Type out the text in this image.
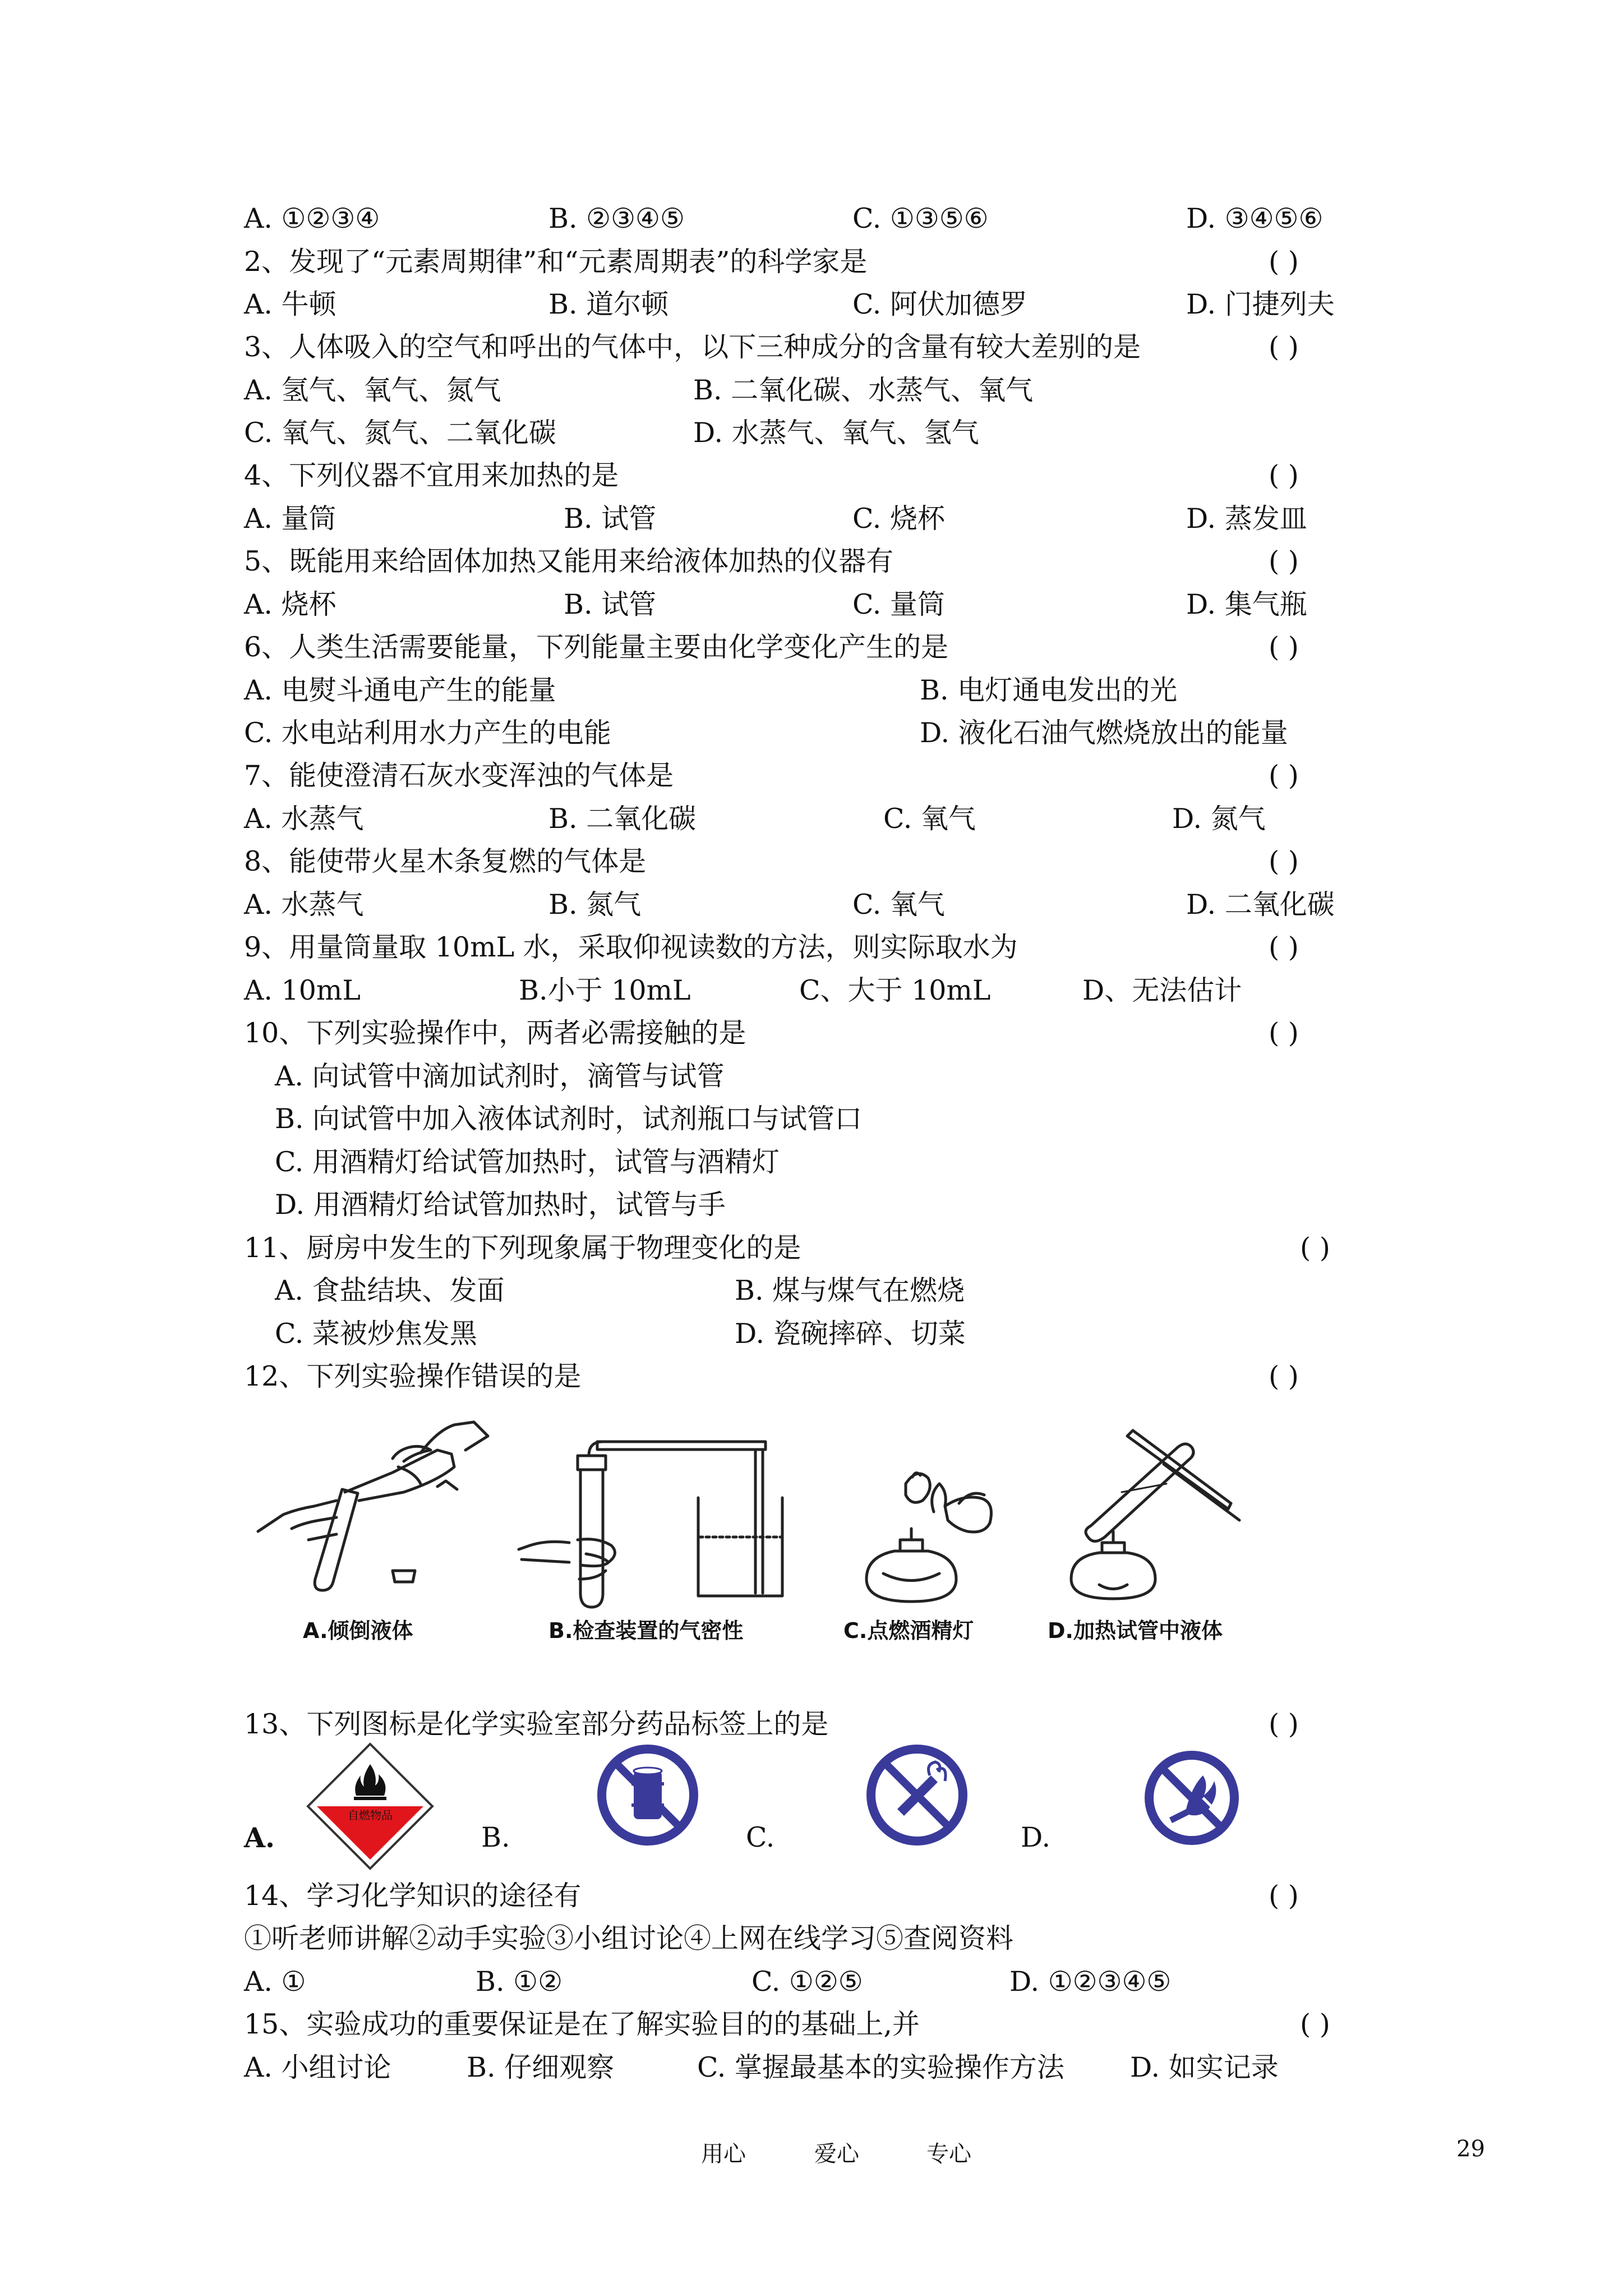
A. ①②③④	B. ②③④⑤	C. ①③⑤⑥	D. ③④⑤⑥
2、发现了“元素周期律”和“元素周期表”的科学家是	( )
A. 牛顿	B. 道尔顿	C. 阿伏加德罗	D. 门捷列夫
3、人体吸入的空气和呼出的气体中，以下三种成分的含量有较大差别的是	( )
A. 氢气、氧气、氮气	B. 二氧化碳、水蒸气、氧气
C. 氧气、氮气、二氧化碳	D. 水蒸气、氧气、氢气
4、下列仪器不宜用来加热的是	( )
A. 量筒	B. 试管	C. 烧杯	D. 蒸发皿
5、既能用来给固体加热又能用来给液体加热的仪器有	( )
A. 烧杯	B. 试管	C. 量筒	D. 集气瓶
6、人类生活需要能量，下列能量主要由化学变化产生的是	( )
A. 电熨斗通电产生的能量	B. 电灯通电发出的光
C. 水电站利用水力产生的电能	D. 液化石油气燃烧放出的能量
7、能使澄清石灰水变浑浊的气体是	( )
A. 水蒸气	B. 二氧化碳	C. 氧气	D. 氮气
8、能使带火星木条复燃的气体是	( )
A. 水蒸气	B. 氮气	C. 氧气	D. 二氧化碳
9、用量筒量取 10mL 水，采取仰视读数的方法，则实际取水为	( )
A. 10mL	B.小于 10mL	C、大于 10mL	D、无法估计
10、下列实验操作中，两者必需接触的是	( )
A. 向试管中滴加试剂时，滴管与试管
B. 向试管中加入液体试剂时，试剂瓶口与试管口
C. 用酒精灯给试管加热时，试管与酒精灯
D. 用酒精灯给试管加热时，试管与手
11、厨房中发生的下列现象属于物理变化的是	( )
A. 食盐结块、发面	B. 煤与煤气在燃烧
C. 菜被炒焦发黑	D. 瓷碗摔碎、切菜
12、下列实验操作错误的是	( )
A.倾倒液体	B.检查装置的气密性	C.点燃酒精灯	D.加热试管中液体
13、下列图标是化学实验室部分药品标签上的是	( )
自燃物品
A.	B.	C.	D.
14、学习化学知识的途径有	( )
①听老师讲解②动手实验③小组讨论④上网在线学习⑤查阅资料
A. ①	B. ①②	C. ①②⑤	D. ①②③④⑤
15、实验成功的重要保证是在了解实验目的的基础上,并	( )
A. 小组讨论	B. 仔细观察	C. 掌握最基本的实验操作方法 D. 如实记录
用心	爱心	专心	29
